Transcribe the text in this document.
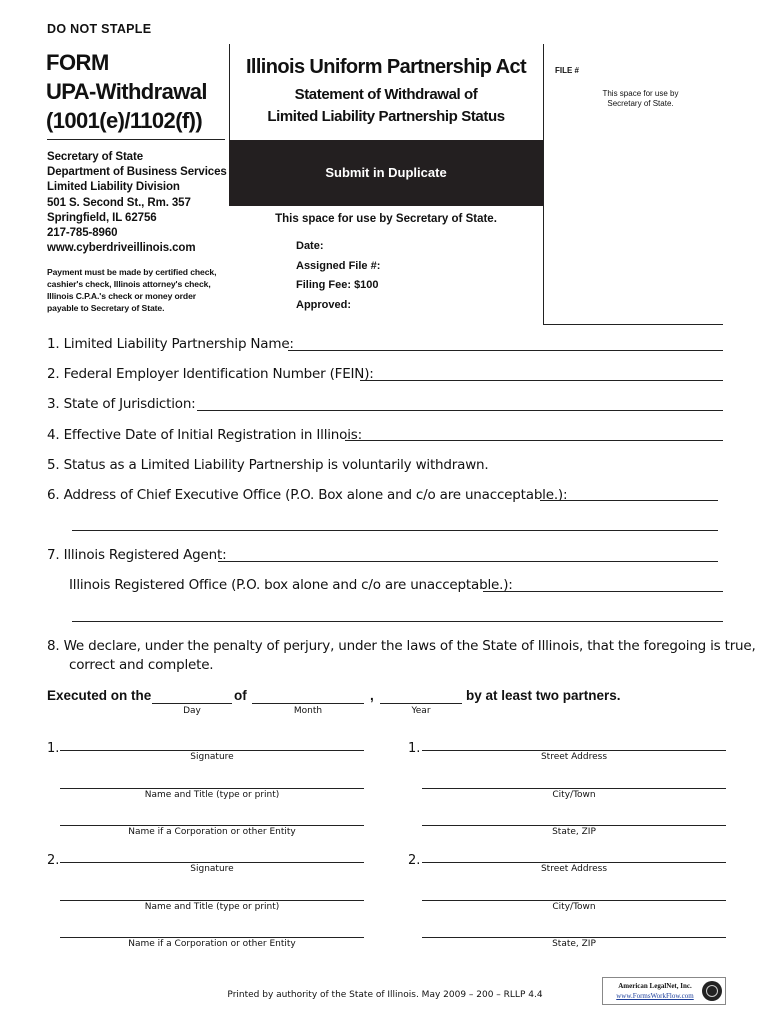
DO NOT STAPLE
FORM
UPA-Withdrawal
(1001(e)/1102(f))
Illinois Uniform Partnership Act
Statement of Withdrawal of
Limited Liability Partnership Status
FILE #
This space for use by
Secretary of State.
Secretary of State
Department of Business Services
Limited Liability Division
501 S. Second St., Rm. 357
Springfield, IL 62756
217-785-8960
www.cyberdriveillinois.com
Payment must be made by certified check,
cashier's check, Illinois attorney's check,
Illinois C.P.A.'s check or money order
payable to Secretary of State.
Submit in Duplicate
This space for use by Secretary of State.
Date:
Assigned File #:
Filing Fee: $100
Approved:
1. Limited Liability Partnership Name:
2. Federal Employer Identification Number (FEIN):
3. State of Jurisdiction:
4. Effective Date of Initial Registration in Illinois:
5. Status as a Limited Liability Partnership is voluntarily withdrawn.
6. Address of Chief Executive Office (P.O. Box alone and c/o are unacceptable.):
7. Illinois Registered Agent:
Illinois Registered Office (P.O. box alone and c/o are unacceptable.):
8. We declare, under the penalty of perjury, under the laws of the State of Illinois, that the foregoing is true,
correct and complete.
Executed on the	of	,	by at least two partners.
Day	Month	Year
1.
Signature
Name and Title (type or print)
Name if a Corporation or other Entity
1.
Street Address
City/Town
State, ZIP
2.
Signature
Name and Title (type or print)
Name if a Corporation or other Entity
2.
Street Address
City/Town
State, ZIP
Printed by authority of the State of Illinois. May 2009 – 200 – RLLP 4.4
American LegalNet, Inc.
www.FormsWorkFlow.com
